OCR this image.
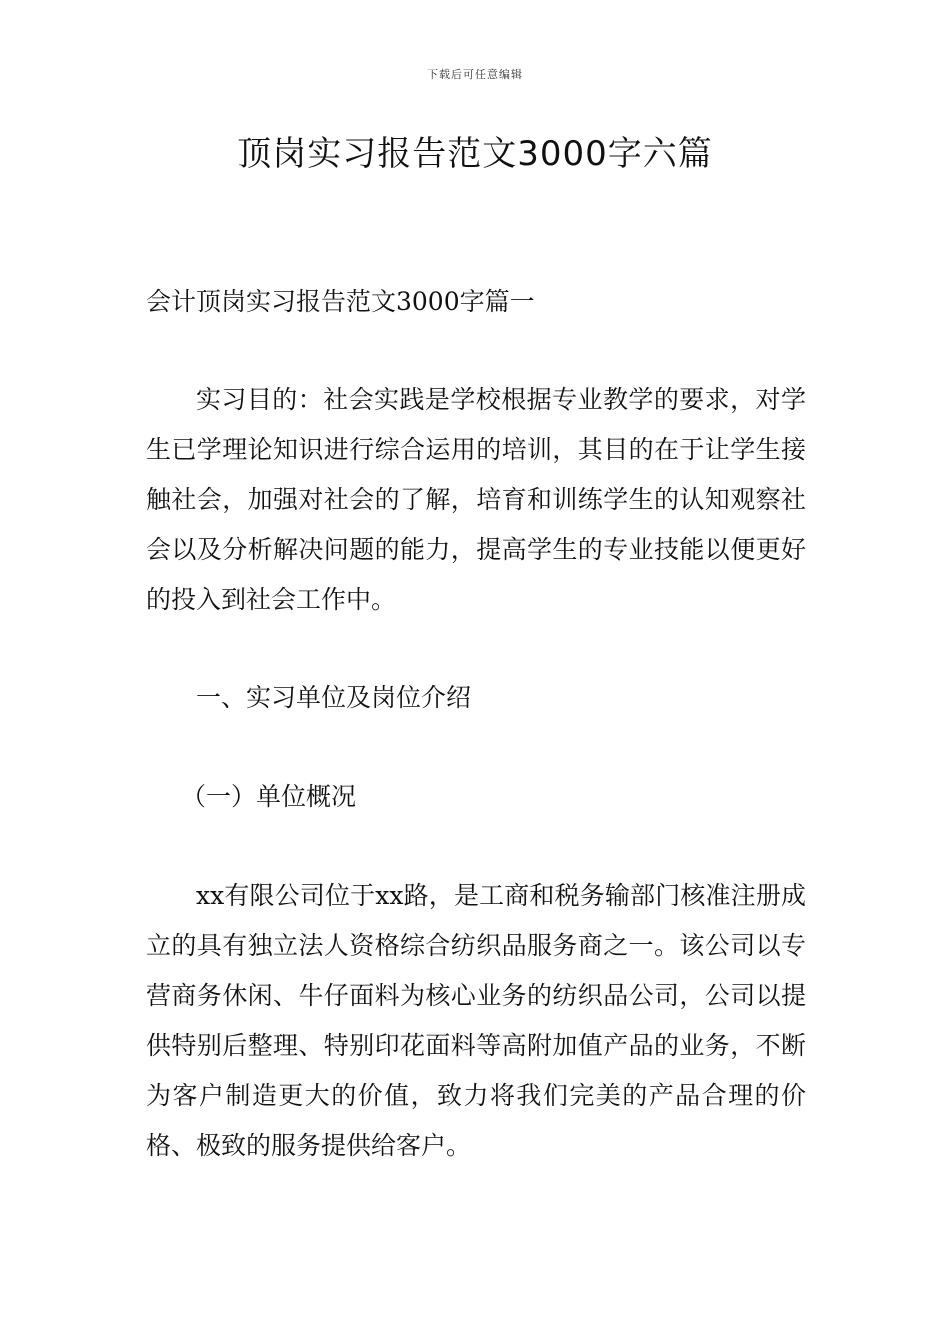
下载后可任意编辑
顶岗实习报告范文3000字六篇

会计顶岗实习报告范文3000字篇一

实习目的：社会实践是学校根据专业教学的要求，对学生已学理论知识进行综合运用的培训，其目的在于让学生接触社会，加强对社会的了解，培育和训练学生的认知观察社会以及分析解决问题的能力，提高学生的专业技能以便更好的投入到社会工作中。

一、实习单位及岗位介绍

（一）单位概况

xx有限公司位于xx路，是工商和税务输部门核准注册成立的具有独立法人资格综合纺织品服务商之一。该公司以专营商务休闲、牛仔面料为核心业务的纺织品公司，公司以提供特别后整理、特别印花面料等高附加值产品的业务，不断为客户制造更大的价值，致力将我们完美的产品合理的价格、极致的服务提供给客户。
